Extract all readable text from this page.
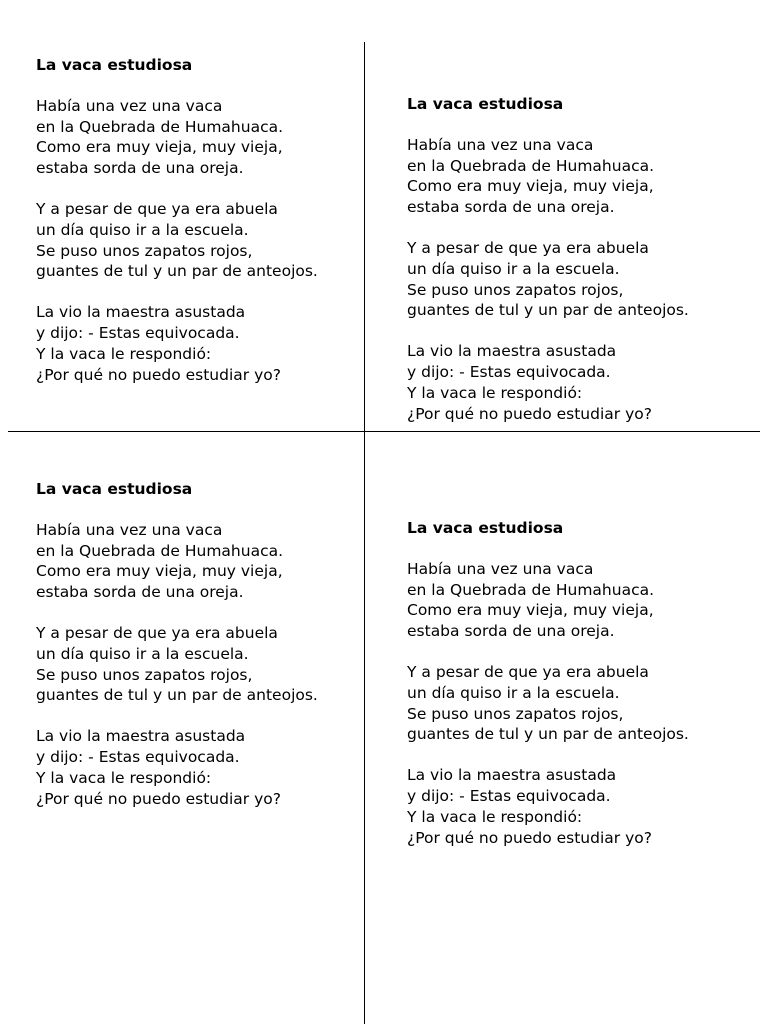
La vaca estudiosa
Había una vez una vaca
en la Quebrada de Humahuaca.
Como era muy vieja, muy vieja,
estaba sorda de una oreja.
Y a pesar de que ya era abuela
un día quiso ir a la escuela.
Se puso unos zapatos rojos,
guantes de tul y un par de anteojos.
La vio la maestra asustada
y dijo: - Estas equivocada.
Y la vaca le respondió:
¿Por qué no puedo estudiar yo?
La vaca estudiosa
Había una vez una vaca
en la Quebrada de Humahuaca.
Como era muy vieja, muy vieja,
estaba sorda de una oreja.
Y a pesar de que ya era abuela
un día quiso ir a la escuela.
Se puso unos zapatos rojos,
guantes de tul y un par de anteojos.
La vio la maestra asustada
y dijo: - Estas equivocada.
Y la vaca le respondió:
¿Por qué no puedo estudiar yo?
La vaca estudiosa
Había una vez una vaca
en la Quebrada de Humahuaca.
Como era muy vieja, muy vieja,
estaba sorda de una oreja.
Y a pesar de que ya era abuela
un día quiso ir a la escuela.
Se puso unos zapatos rojos,
guantes de tul y un par de anteojos.
La vio la maestra asustada
y dijo: - Estas equivocada.
Y la vaca le respondió:
¿Por qué no puedo estudiar yo?
La vaca estudiosa
Había una vez una vaca
en la Quebrada de Humahuaca.
Como era muy vieja, muy vieja,
estaba sorda de una oreja.
Y a pesar de que ya era abuela
un día quiso ir a la escuela.
Se puso unos zapatos rojos,
guantes de tul y un par de anteojos.
La vio la maestra asustada
y dijo: - Estas equivocada.
Y la vaca le respondió:
¿Por qué no puedo estudiar yo?
